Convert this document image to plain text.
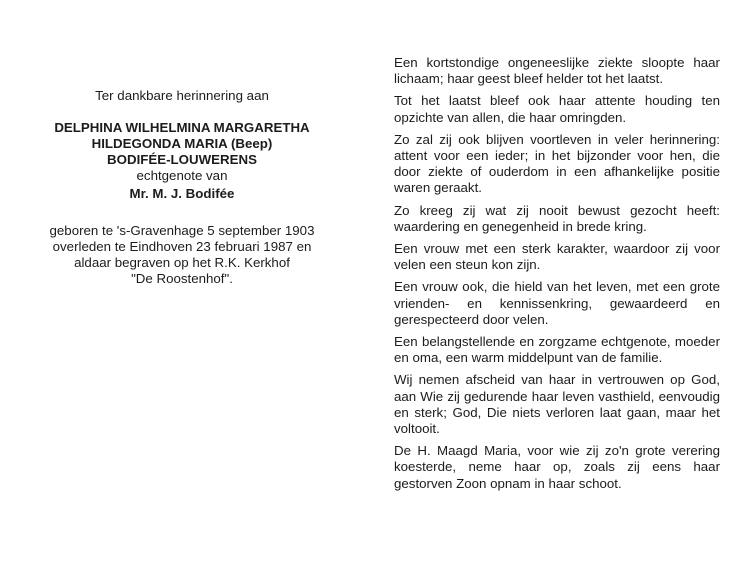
Ter dankbare herinnering aan

DELPHINA WILHELMINA MARGARETHA

HILDEGONDA MARIA (Beep)

BODIFÉE-LOUWERENS

echtgenote van

Mr. M. J. Bodifée

geboren te 's-Gravenhage 5 september 1903

overleden te Eindhoven 23 februari 1987 en

aldaar begraven op het R.K. Kerkhof

"De Roostenhof".

Een kortstondige ongeneeslijke ziekte sloopte haar lichaam; haar geest bleef helder tot het laatst.

Tot het laatst bleef ook haar attente houding ten opzichte van allen, die haar omringden.

Zo zal zij ook blijven voortleven in veler herinnering: attent voor een ieder; in het bijzonder voor hen, die door ziekte of ouderdom in een afhankelijke positie waren geraakt.

Zo kreeg zij wat zij nooit bewust gezocht heeft: waardering en genegenheid in brede kring.

Een vrouw met een sterk karakter, waardoor zij voor velen een steun kon zijn.

Een vrouw ook, die hield van het leven, met een grote vrienden- en kennissenkring, gewaardeerd en gerespecteerd door velen.

Een belangstellende en zorgzame echtgenote, moeder en oma, een warm middelpunt van de familie.

Wij nemen afscheid van haar in vertrouwen op God, aan Wie zij gedurende haar leven vasthield, eenvoudig en sterk; God, Die niets verloren laat gaan, maar het voltooit.

De H. Maagd Maria, voor wie zij zo'n grote verering koesterde, neme haar op, zoals zij eens haar gestorven Zoon opnam in haar schoot.
